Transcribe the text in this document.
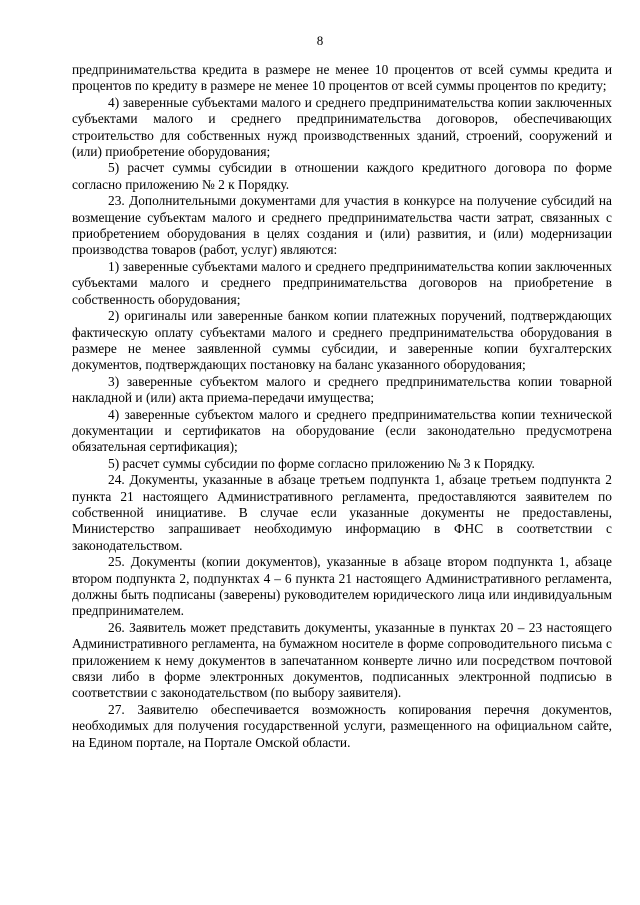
8

предпринимательства кредита в размере не менее 10 процентов от всей суммы кредита и процентов по кредиту в размере не менее 10 процентов от всей суммы процентов по кредиту;

4) заверенные субъектами малого и среднего предпринимательства копии заключенных субъектами малого и среднего предпринимательства договоров, обеспечивающих строительство для собственных нужд производственных зданий, строений, сооружений и (или) приобретение оборудования;

5) расчет суммы субсидии в отношении каждого кредитного договора по форме согласно приложению № 2 к Порядку.

23. Дополнительными документами для участия в конкурсе на получение субсидий на возмещение субъектам малого и среднего предпринимательства части затрат, связанных с приобретением оборудования в целях создания и (или) развития, и (или) модернизации производства товаров (работ, услуг) являются:

1) заверенные субъектами малого и среднего предпринимательства копии заключенных субъектами малого и среднего предпринимательства договоров на приобретение в собственность оборудования;

2) оригиналы или заверенные банком копии платежных поручений, подтверждающих фактическую оплату субъектами малого и среднего предпринимательства оборудования в размере не менее заявленной суммы субсидии, и заверенные копии бухгалтерских документов, подтверждающих постановку на баланс указанного оборудования;

3) заверенные субъектом малого и среднего предпринимательства копии товарной накладной и (или) акта приема-передачи имущества;

4) заверенные субъектом малого и среднего предпринимательства копии технической документации и сертификатов на оборудование (если законодательно предусмотрена обязательная сертификация);

5) расчет суммы субсидии по форме согласно приложению № 3 к Порядку.

24. Документы, указанные в абзаце третьем подпункта 1, абзаце третьем подпункта 2 пункта 21 настоящего Административного регламента, предоставляются заявителем по собственной инициативе. В случае если указанные документы не предоставлены, Министерство запрашивает необходимую информацию в ФНС в соответствии с законодательством.

25. Документы (копии документов), указанные в абзаце втором подпункта 1, абзаце втором подпункта 2, подпунктах 4 – 6 пункта 21 настоящего Административного регламента, должны быть подписаны (заверены) руководителем юридического лица или индивидуальным предпринимателем.

26. Заявитель может представить документы, указанные в пунктах 20 – 23 настоящего Административного регламента, на бумажном носителе в форме сопроводительного письма с приложением к нему документов в запечатанном конверте лично или посредством почтовой связи либо в форме электронных документов, подписанных электронной подписью в соответствии с законодательством (по выбору заявителя).

27. Заявителю обеспечивается возможность копирования перечня документов, необходимых для получения государственной услуги, размещенного на официальном сайте, на Едином портале, на Портале Омской области.
